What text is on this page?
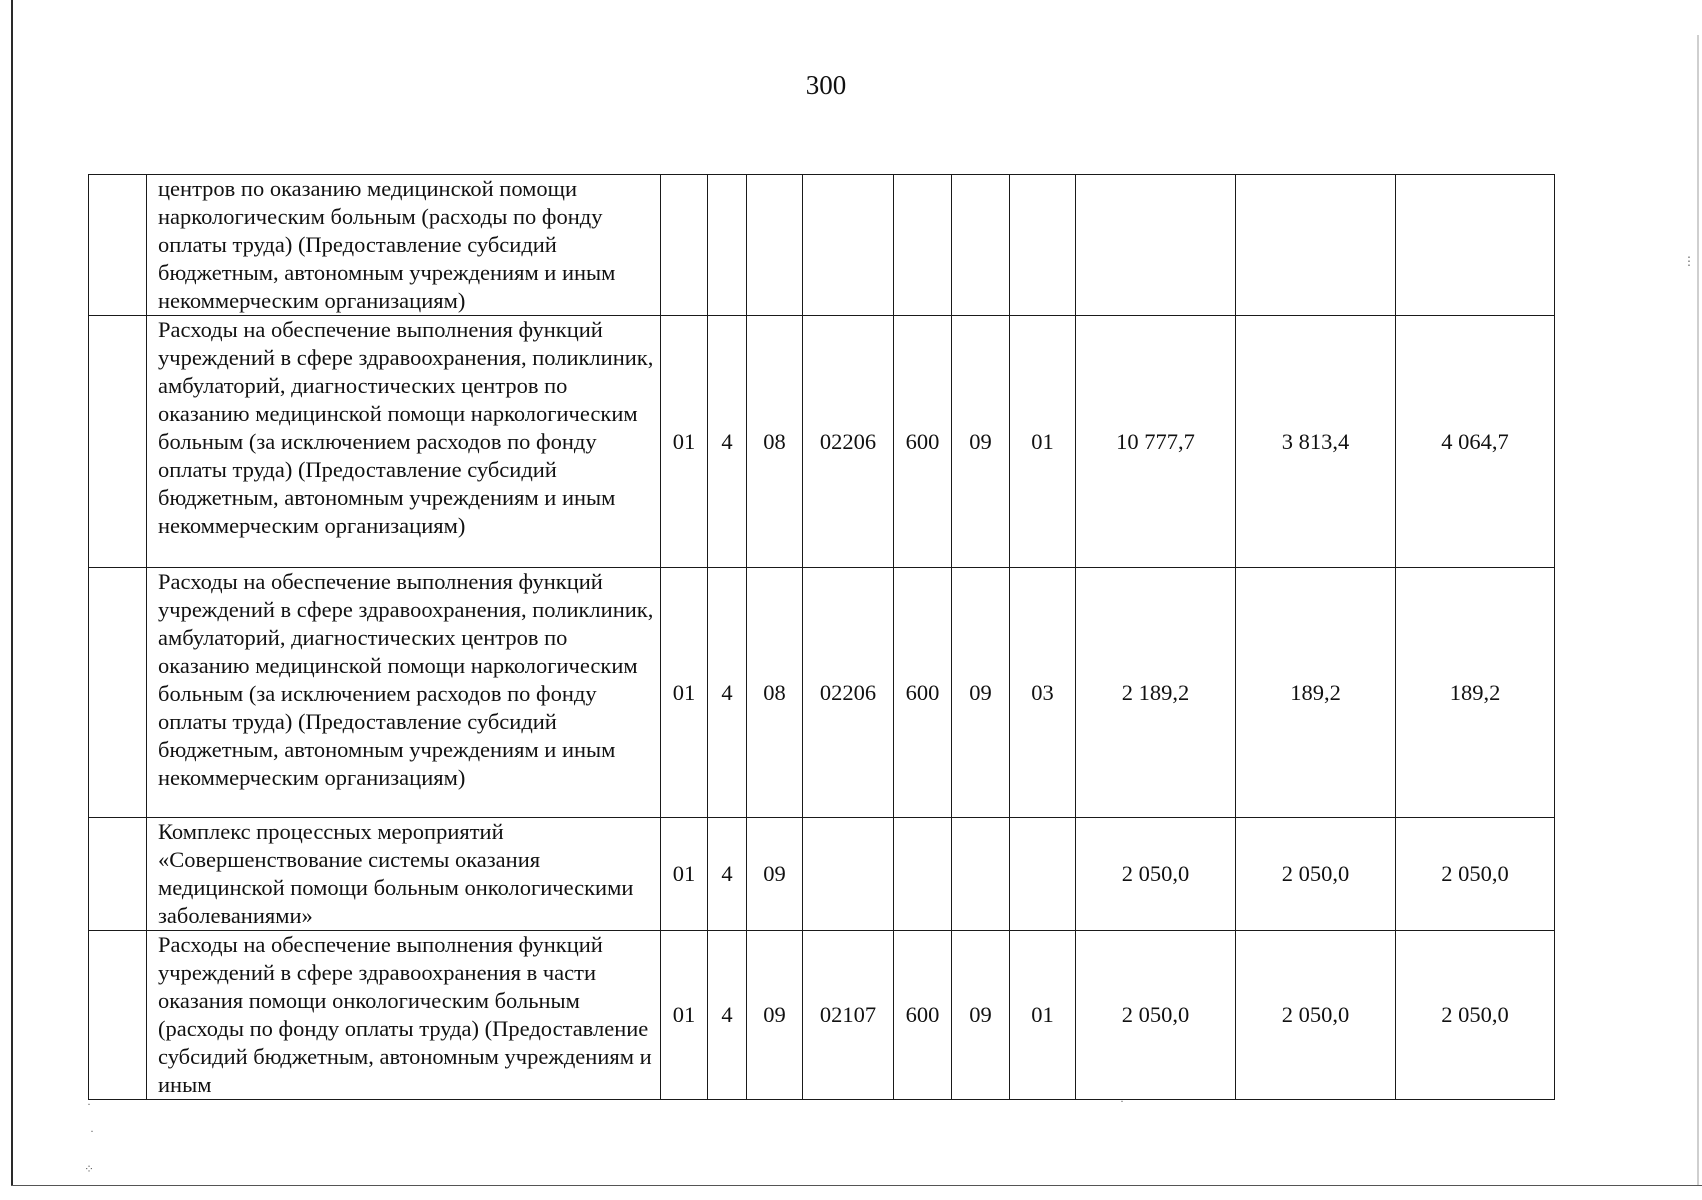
300
	центров по оказанию медицинской помощи наркологическим больным (расходы по фонду оплаты труда) (Предоставление субсидий бюджетным, автономным учреждениям и иным некоммерческим организациям)										
	Расходы на обеспечение выполнения функций учреждений в сфере здравоохранения, поликлиник, амбулаторий, диагностических центров по оказанию медицинской помощи наркологическим больным (за исключением расходов по фонду оплаты труда) (Предоставление субсидий бюджетным, автономным учреждениям и иным некоммерческим организациям)	01	4	08	02206	600	09	01	10 777,7	3 813,4	4 064,7
	Расходы на обеспечение выполнения функций учреждений в сфере здравоохранения, поликлиник, амбулаторий, диагностических центров по оказанию медицинской помощи наркологическим больным (за исключением расходов по фонду оплаты труда) (Предоставление субсидий бюджетным, автономным учреждениям и иным некоммерческим организациям)	01	4	08	02206	600	09	03	2 189,2	189,2	189,2
	Комплекс процессных мероприятий «Совершенствование системы оказания медицинской помощи больным онкологическими заболеваниями»	01	4	09					2 050,0	2 050,0	2 050,0
	Расходы на обеспечение выполнения функций учреждений в сфере здравоохранения в части оказания помощи онкологическим больным (расходы по фонду оплаты труда) (Предоставление субсидий бюджетным, автономным учреждениям и иным	01	4	09	02107	600	09	01	2 050,0	2 050,0	2 050,0
·
·
⁘
⋮
·
